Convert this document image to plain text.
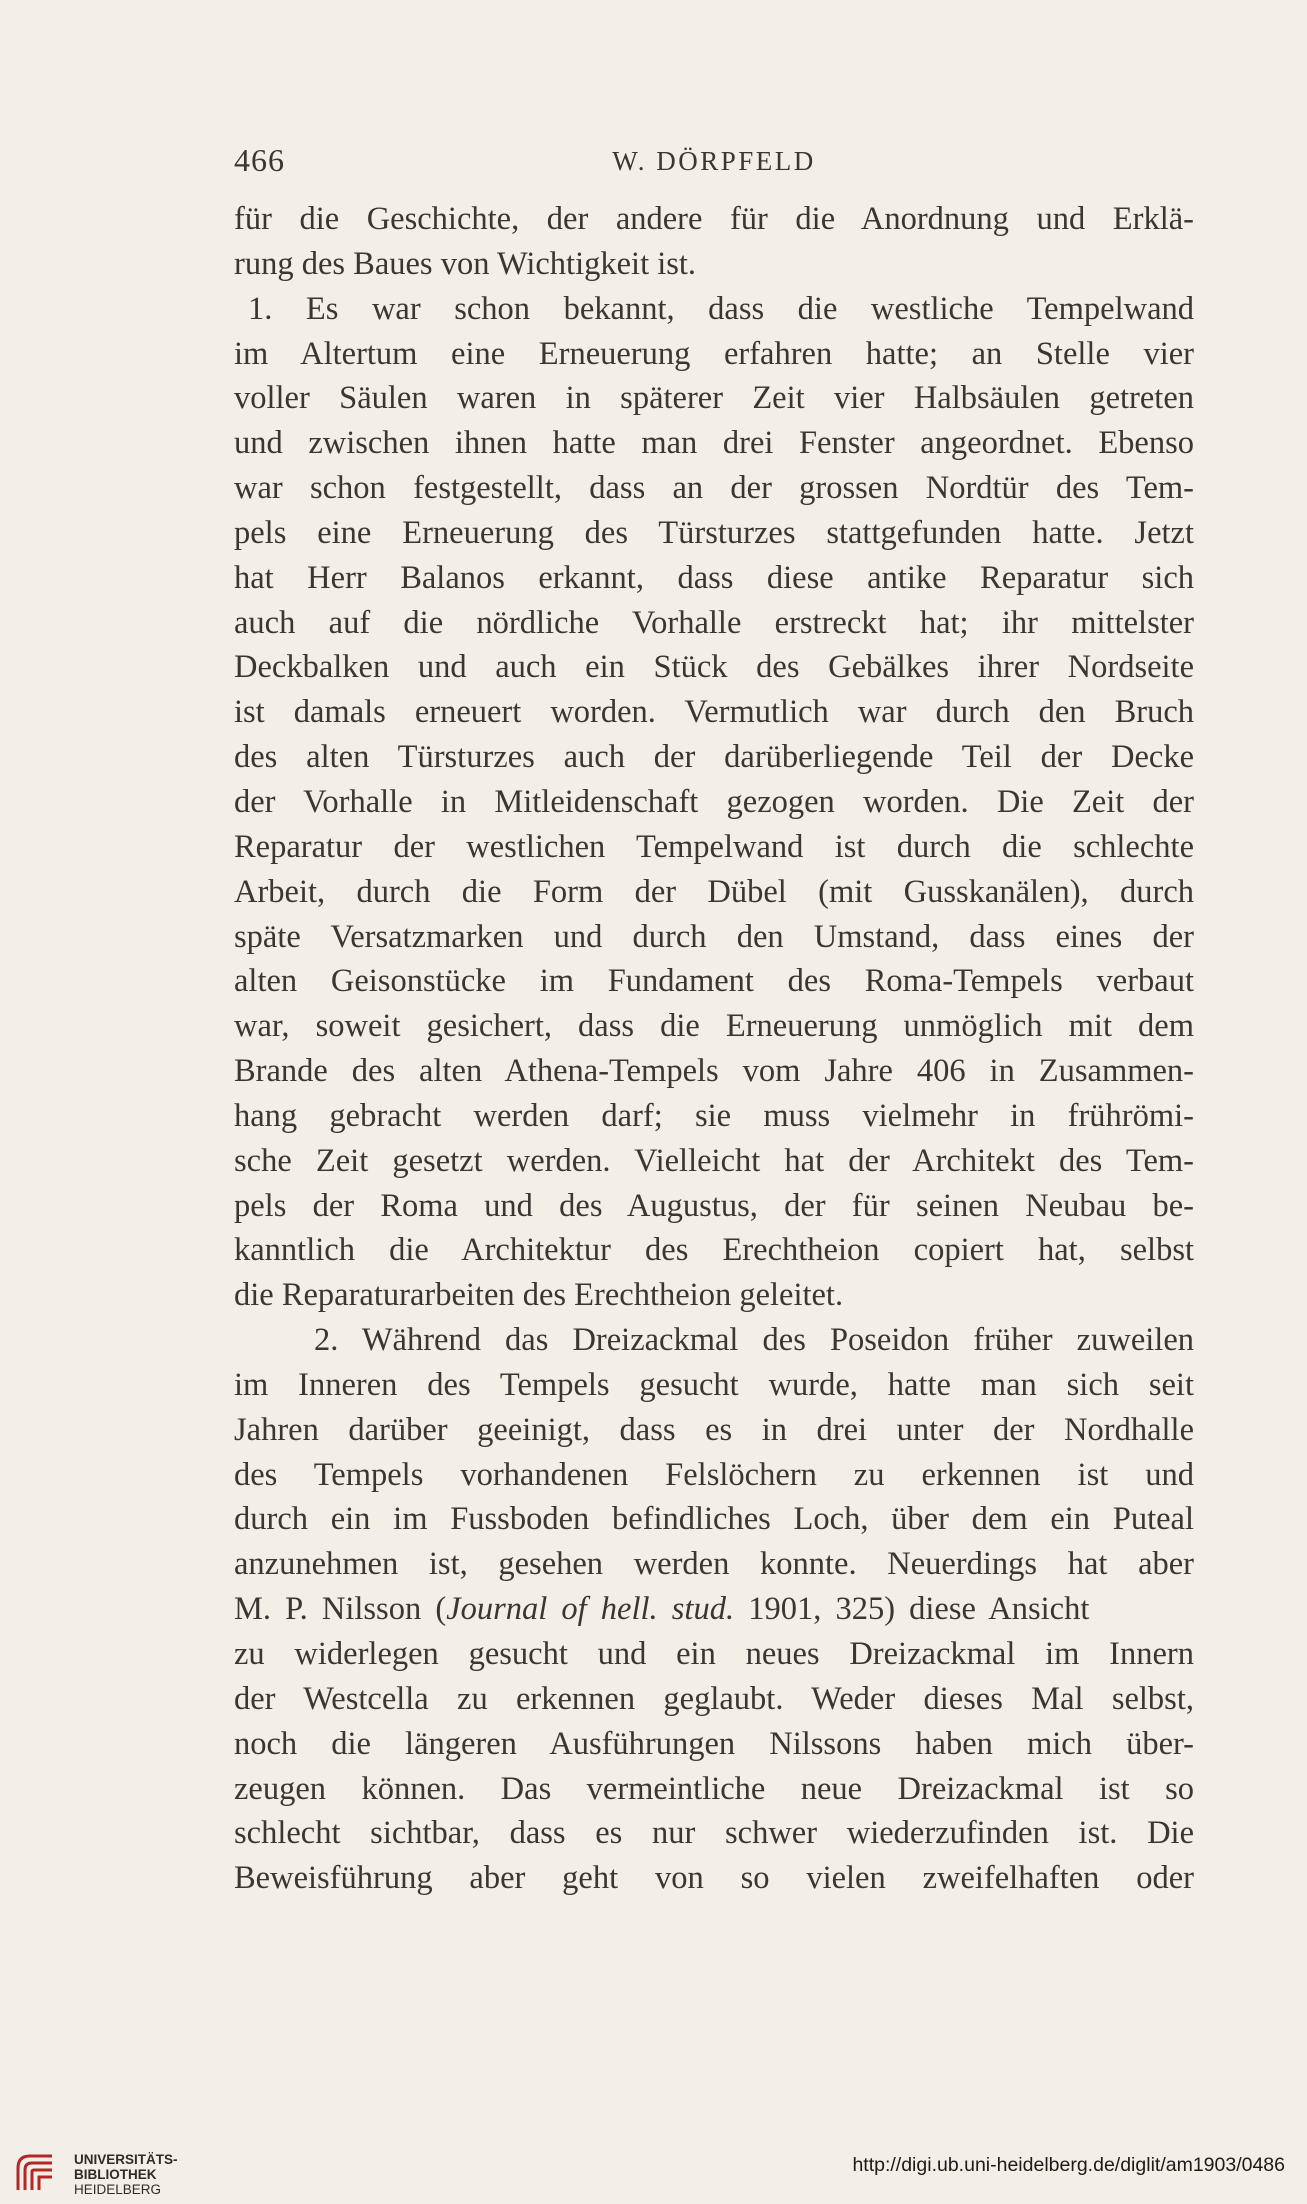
466	W. DÖRPFELD
für die Geschichte, der andere für die Anordnung und Erklä-
rung des Baues von Wichtigkeit ist.
1. Es war schon bekannt, dass die westliche Tempelwand
im Altertum eine Erneuerung erfahren hatte; an Stelle vier
voller Säulen waren in späterer Zeit vier Halbsäulen getreten
und zwischen ihnen hatte man drei Fenster angeordnet. Ebenso
war schon festgestellt, dass an der grossen Nordtür des Tem-
pels eine Erneuerung des Türsturzes stattgefunden hatte. Jetzt
hat Herr Balanos erkannt, dass diese antike Reparatur sich
auch auf die nördliche Vorhalle erstreckt hat; ihr mittelster
Deckbalken und auch ein Stück des Gebälkes ihrer Nordseite
ist damals erneuert worden. Vermutlich war durch den Bruch
des alten Türsturzes auch der darüberliegende Teil der Decke
der Vorhalle in Mitleidenschaft gezogen worden. Die Zeit der
Reparatur der westlichen Tempelwand ist durch die schlechte
Arbeit, durch die Form der Dübel (mit Gusskanälen), durch
späte Versatzmarken und durch den Umstand, dass eines der
alten Geisonstücke im Fundament des Roma-Tempels verbaut
war, soweit gesichert, dass die Erneuerung unmöglich mit dem
Brande des alten Athena-Tempels vom Jahre 406 in Zusammen-
hang gebracht werden darf; sie muss vielmehr in frührömi-
sche Zeit gesetzt werden. Vielleicht hat der Architekt des Tem-
pels der Roma und des Augustus, der für seinen Neubau be-
kanntlich die Architektur des Erechtheion copiert hat, selbst
die Reparaturarbeiten des Erechtheion geleitet.
2. Während das Dreizackmal des Poseidon früher zuweilen
im Inneren des Tempels gesucht wurde, hatte man sich seit
Jahren darüber geeinigt, dass es in drei unter der Nordhalle
des Tempels vorhandenen Felslöchern zu erkennen ist und
durch ein im Fussboden befindliches Loch, über dem ein Puteal
anzunehmen ist, gesehen werden konnte. Neuerdings hat aber
M. P. Nilsson (Journal of hell. stud. 1901, 325) diese Ansicht
zu widerlegen gesucht und ein neues Dreizackmal im Innern
der Westcella zu erkennen geglaubt. Weder dieses Mal selbst,
noch die längeren Ausführungen Nilssons haben mich über-
zeugen können. Das vermeintliche neue Dreizackmal ist so
schlecht sichtbar, dass es nur schwer wiederzufinden ist. Die
Beweisführung aber geht von so vielen zweifelhaften oder
UNIVERSITÄTS-
BIBLIOTHEK
HEIDELBERG
http://digi.ub.uni-heidelberg.de/diglit/am1903/0486
